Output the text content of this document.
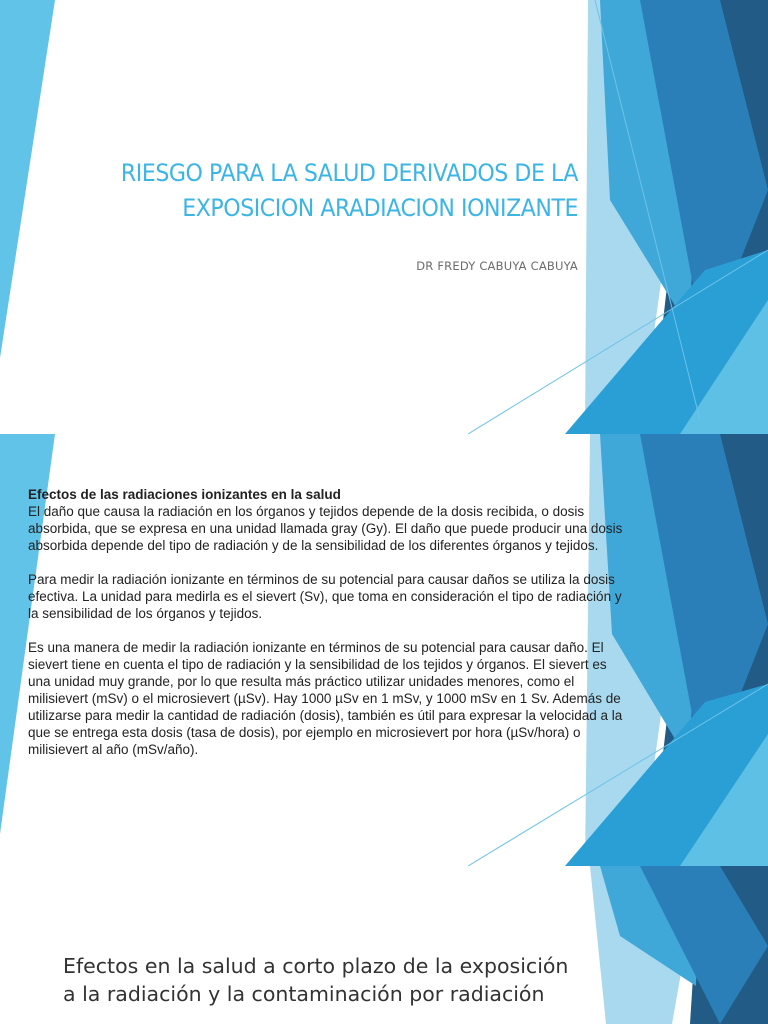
RIESGO PARA LA SALUD DERIVADOS DE LA EXPOSICION ARADIACION IONIZANTE

DR FREDY CABUYA CABUYA

Efectos de las radiaciones ionizantes en la salud

El daño que causa la radiación en los órganos y tejidos depende de la dosis recibida, o dosis absorbida, que se expresa en una unidad llamada gray (Gy). El daño que puede producir una dosis absorbida depende del tipo de radiación y de la sensibilidad de los diferentes órganos y tejidos.

Para medir la radiación ionizante en términos de su potencial para causar daños se utiliza la dosis efectiva. La unidad para medirla es el sievert (Sv), que toma en consideración el tipo de radiación y la sensibilidad de los órganos y tejidos.

Es una manera de medir la radiación ionizante en términos de su potencial para causar daño. El sievert tiene en cuenta el tipo de radiación y la sensibilidad de los tejidos y órganos. El sievert es una unidad muy grande, por lo que resulta más práctico utilizar unidades menores, como el milisievert (mSv) o el microsievert (µSv). Hay 1000 µSv en 1 mSv, y 1000 mSv en 1 Sv. Además de utilizarse para medir la cantidad de radiación (dosis), también es útil para expresar la velocidad a la que se entrega esta dosis (tasa de dosis), por ejemplo en microsievert por hora (µSv/hora) o milisievert al año (mSv/año).

Efectos en la salud a corto plazo de la exposición a la radiación y la contaminación por radiación
